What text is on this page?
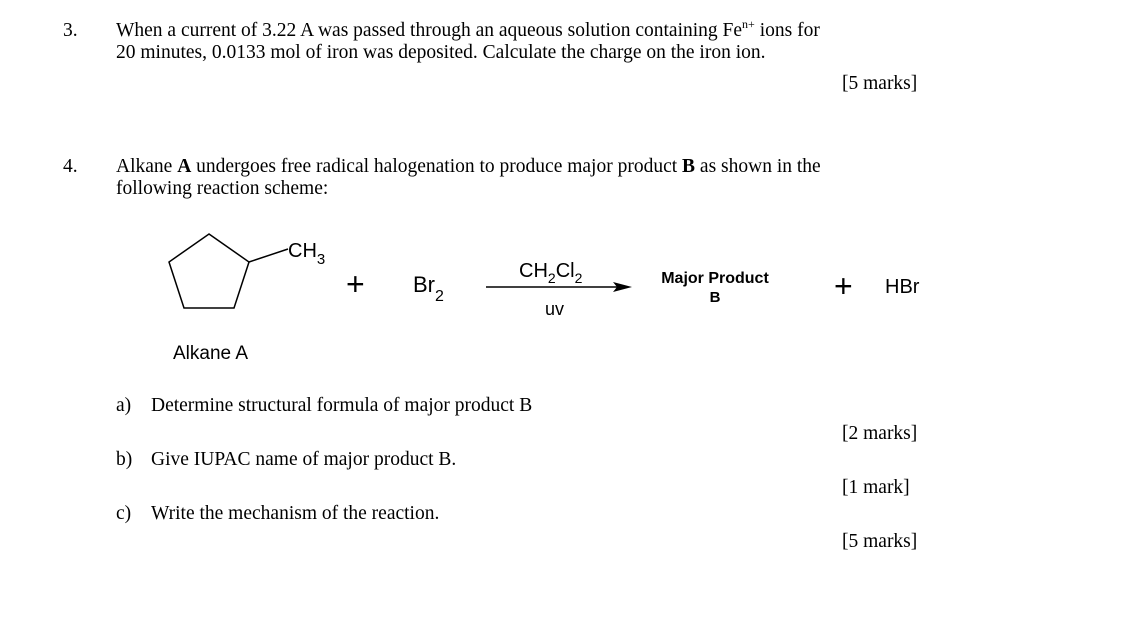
3. When a current of 3.22 A was passed through an aqueous solution containing $Fe^{n+}$ ions for
20 minutes, 0.0133 mol of iron was deposited. Calculate the charge on the iron ion.
[5 marks]
4. Alkane A undergoes free radical halogenation to produce major product B as shown in the
following reaction scheme:
$CH_3$
+ $Br_2$
$CH_2Cl_2$
uv
Major Product
B	+ HBr
Alkane A
a) Determine structural formula of major product B
[2 marks]
b) Give IUPAC name of major product B.
[1 mark]
c) Write the mechanism of the reaction.
[5 marks]
